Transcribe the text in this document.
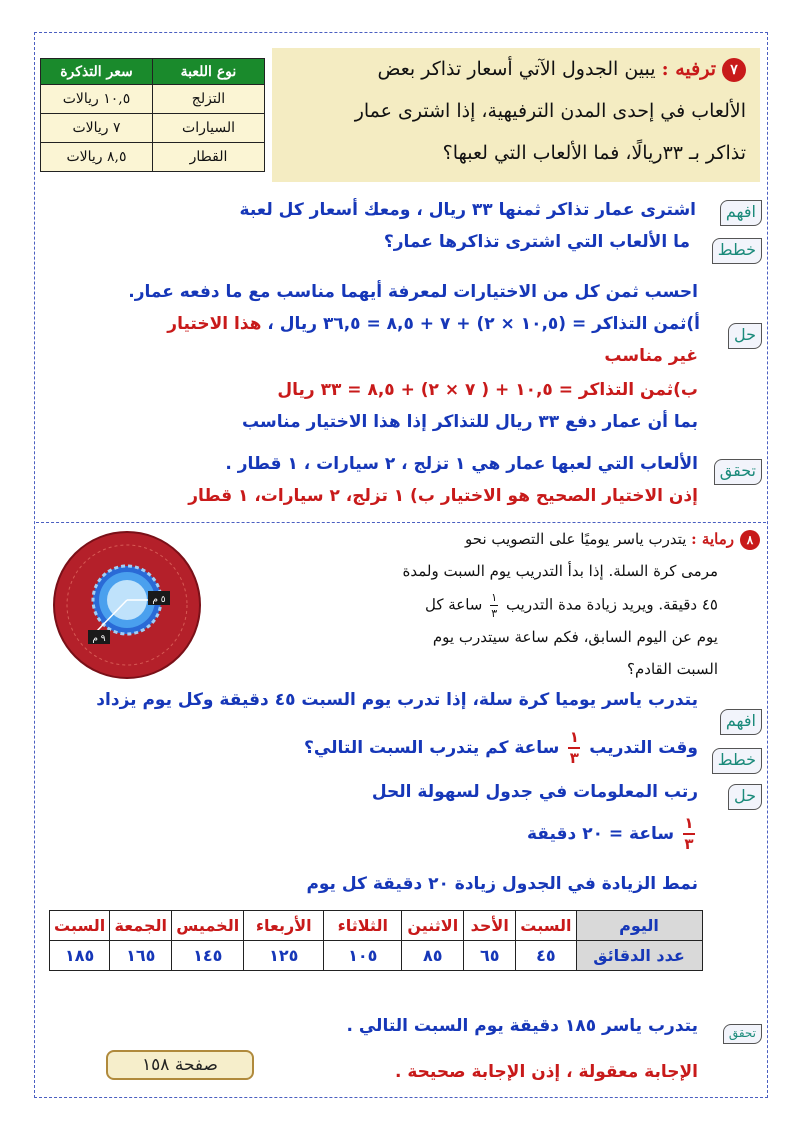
٧ترفيه : يبين الجدول الآتي أسعار تذاكر بعض
الألعاب في إحدى المدن الترفيهية، إذا اشترى عمار
تذاكر بـ ٣٣ريالًا، فما الألعاب التي لعبها؟
نوع اللعبة	سعر التذكرة
التزلج	١٠,٥ ريالات
السيارات	٧ ريالات
القطار	٨,٥ ريالات
افهم
اشترى عمار تذاكر ثمنها ٣٣ ريال ، ومعك أسعار كل لعبة
خطط
ما الألعاب التي اشترى تذاكرها عمار؟
احسب ثمن كل من الاختيارات لمعرفة أيهما مناسب مع ما دفعه عمار.
حل
أ)ثمن التذاكر = (١٠,٥ × ٢) + ٧ + ٨,٥ = ٣٦,٥ ريال ، هذا الاختيار
غير مناسب
ب)ثمن التذاكر = ١٠,٥ + ( ٧ × ٢) + ٨,٥ = ٣٣ ريال
بما أن عمار دفع ٣٣ ريال للتذاكر إذا هذا الاختيار مناسب
تحقق
الألعاب التي لعبها عمار هي ١ تزلج ، ٢ سيارات ، ١ قطار .
إذن الاختيار الصحيح هو الاختيار ب) ١ تزلج، ٢ سيارات، ١ قطار
٨رماية : يتدرب ياسر يوميًا على التصويب نحو
مرمى كرة السلة. إذا بدأ التدريب يوم السبت ولمدة
٤٥ دقيقة. ويريد زيادة مدة التدريب
$\frac{١}{٣}$
ساعة كل
يوم عن اليوم السابق، فكم ساعة سيتدرب يوم
السبت القادم؟
٥ م
٩ م
افهم
يتدرب ياسر يوميا كرة سلة، إذا تدرب يوم السبت ٤٥ دقيقة وكل يوم يزداد
خطط
وقت التدريب
$\frac{١}{٣}$
ساعة كم يتدرب السبت التالي؟
حل
رتب المعلومات في جدول لسهولة الحل
$\frac{١}{٣}$
ساعة = ٢٠ دقيقة
نمط الزيادة في الجدول زيادة ٢٠ دقيقة كل يوم
اليوم	السبت	الأحد	الاثنين	الثلاثاء	الأربعاء	الخميس	الجمعة	السبت
عدد الدقائق	٤٥	٦٥	٨٥	١٠٥	١٢٥	١٤٥	١٦٥	١٨٥
تحقق
يتدرب ياسر ١٨٥ دقيقة يوم السبت التالي .
الإجابة معقولة ، إذن الإجابة صحيحة .
صفحة ١٥٨
